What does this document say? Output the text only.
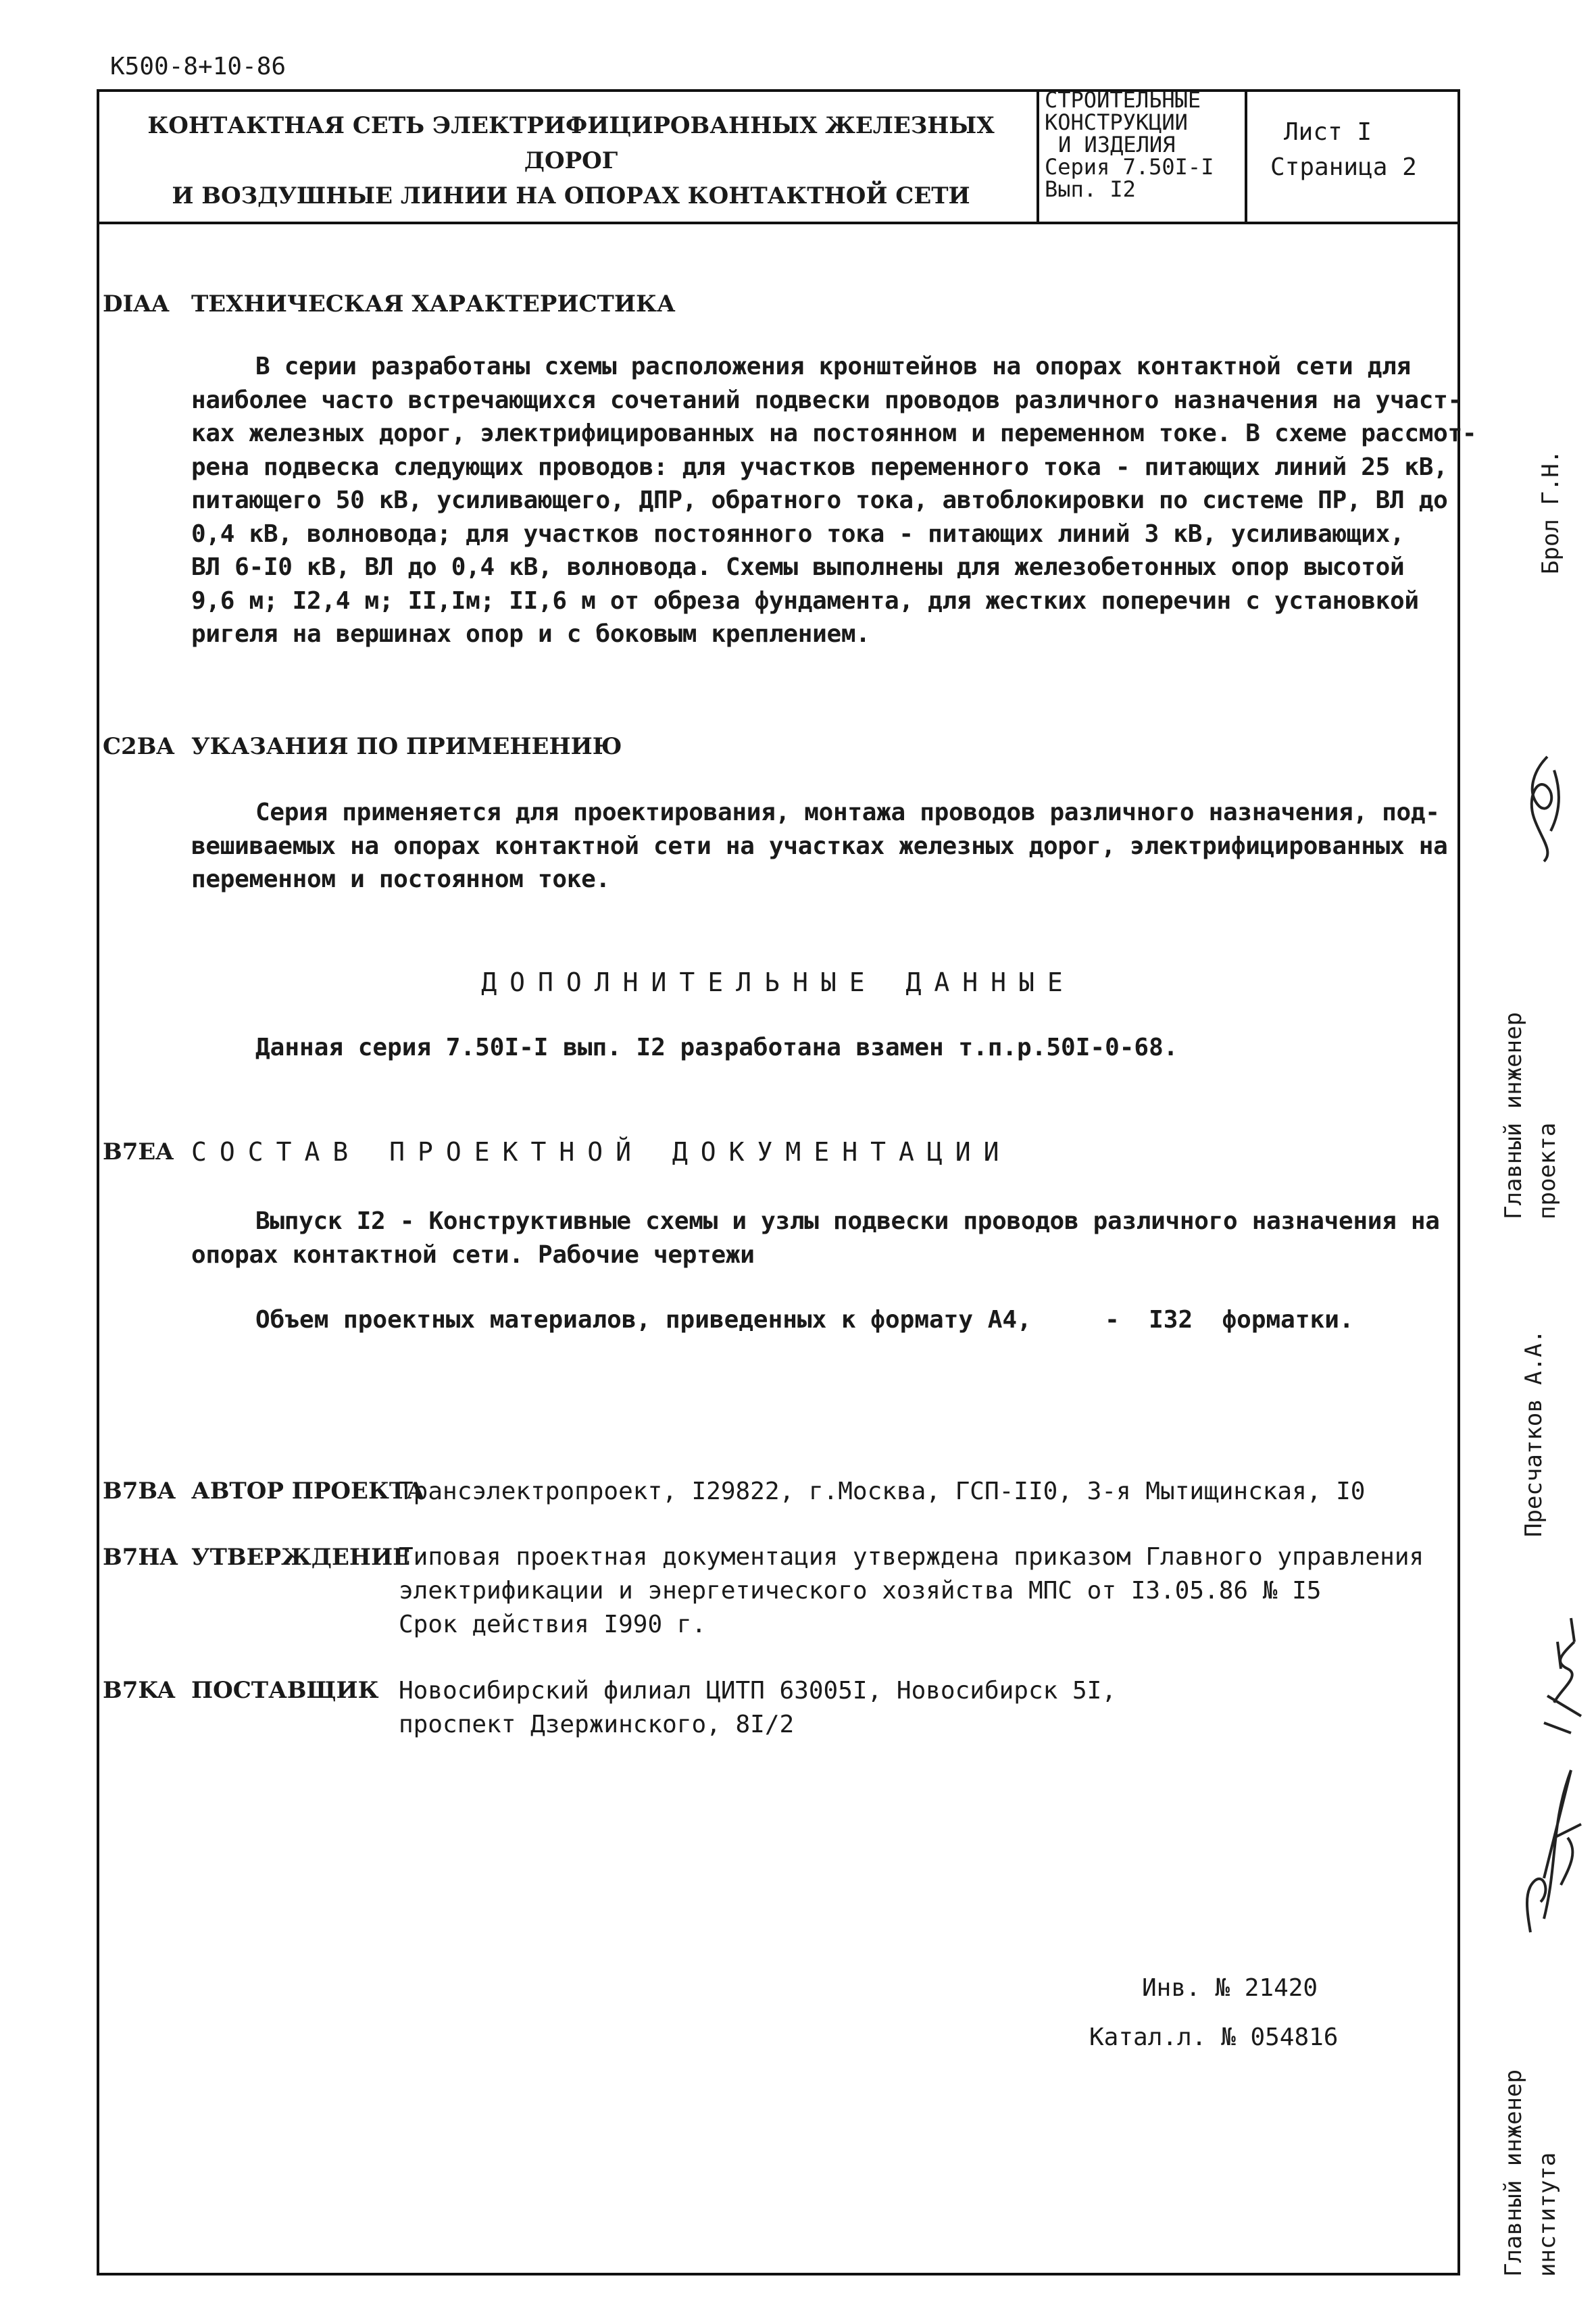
К500-8+10-86
КОНТАКТНАЯ СЕТЬ ЭЛЕКТРИФИЦИРОВАННЫХ ЖЕЛЕЗНЫХ ДОРОГ
И ВОЗДУШНЫЕ ЛИНИИ НА ОПОРАХ КОНТАКТНОЙ СЕТИ
СТРОИТЕЛЬНЫЕ
КОНСТРУКЦИИ
И ИЗДЕЛИЯ
Серия 7.50I-I
Вып. I2
Лист I
Страница 2
DIAA ТЕХНИЧЕСКАЯ ХАРАКТЕРИСТИКА
В серии разработаны схемы расположения кронштейнов на опорах контактной сети для
наиболее часто встречающихся сочетаний подвески проводов различного назначения на участ-
ках железных дорог, электрифицированных на постоянном и переменном токе. В схеме рассмот-
рена подвеска следующих проводов: для участков переменного тока - питающих линий 25 кВ,
питающего 50 кВ, усиливающего, ДПР, обратного тока, автоблокировки по системе ПР, ВЛ до
0,4 кВ, волновода; для участков постоянного тока - питающих линий 3 кВ, усиливающих,
ВЛ 6-I0 кВ, ВЛ до 0,4 кВ, волновода. Схемы выполнены для железобетонных опор высотой
9,6 м; I2,4 м; II,Iм; II,6 м от обреза фундамента, для жестких поперечин с установкой
ригеля на вершинах опор и с боковым креплением.
C2BA УКАЗАНИЯ ПО ПРИМЕНЕНИЮ
Серия применяется для проектирования, монтажа проводов различного назначения, под-
вешиваемых на опорах контактной сети на участках железных дорог, электрифицированных на
переменном и постоянном токе.
ДОПОЛНИТЕЛЬНЫЕ ДАННЫЕ
Данная серия 7.50I-I вып. I2 разработана взамен т.п.р.50I-0-68.
B7EA СОСТАВ ПРОЕКТНОЙ ДОКУМЕНТАЦИИ
Выпуск I2 - Конструктивные схемы и узлы подвески проводов различного назначения на
опорах контактной сети. Рабочие чертежи
Объем проектных материалов, приведенных к формату А4,     -  I32  форматки.
B7BA АВТОР ПРОЕКТА
Трансэлектропроект, I29822, г.Москва, ГСП-II0, 3-я Мытищинская, I0
B7HA УТВЕРЖДЕНИЕ
Типовая проектная документация утверждена приказом Главного управления
электрификации и энергетического хозяйства МПС от I3.05.86 № I5
Срок действия I990 г.
B7KA ПОСТАВЩИК Новосибирский филиал ЦИТП 63005I, Новосибирск 5I,
проспект Дзержинского, 8I/2
Инв. № 21420
Катал.л. № 054816
Брол Г.Н.
Главный инженер проекта
Пресчатков А.А.
Главный инженер института
